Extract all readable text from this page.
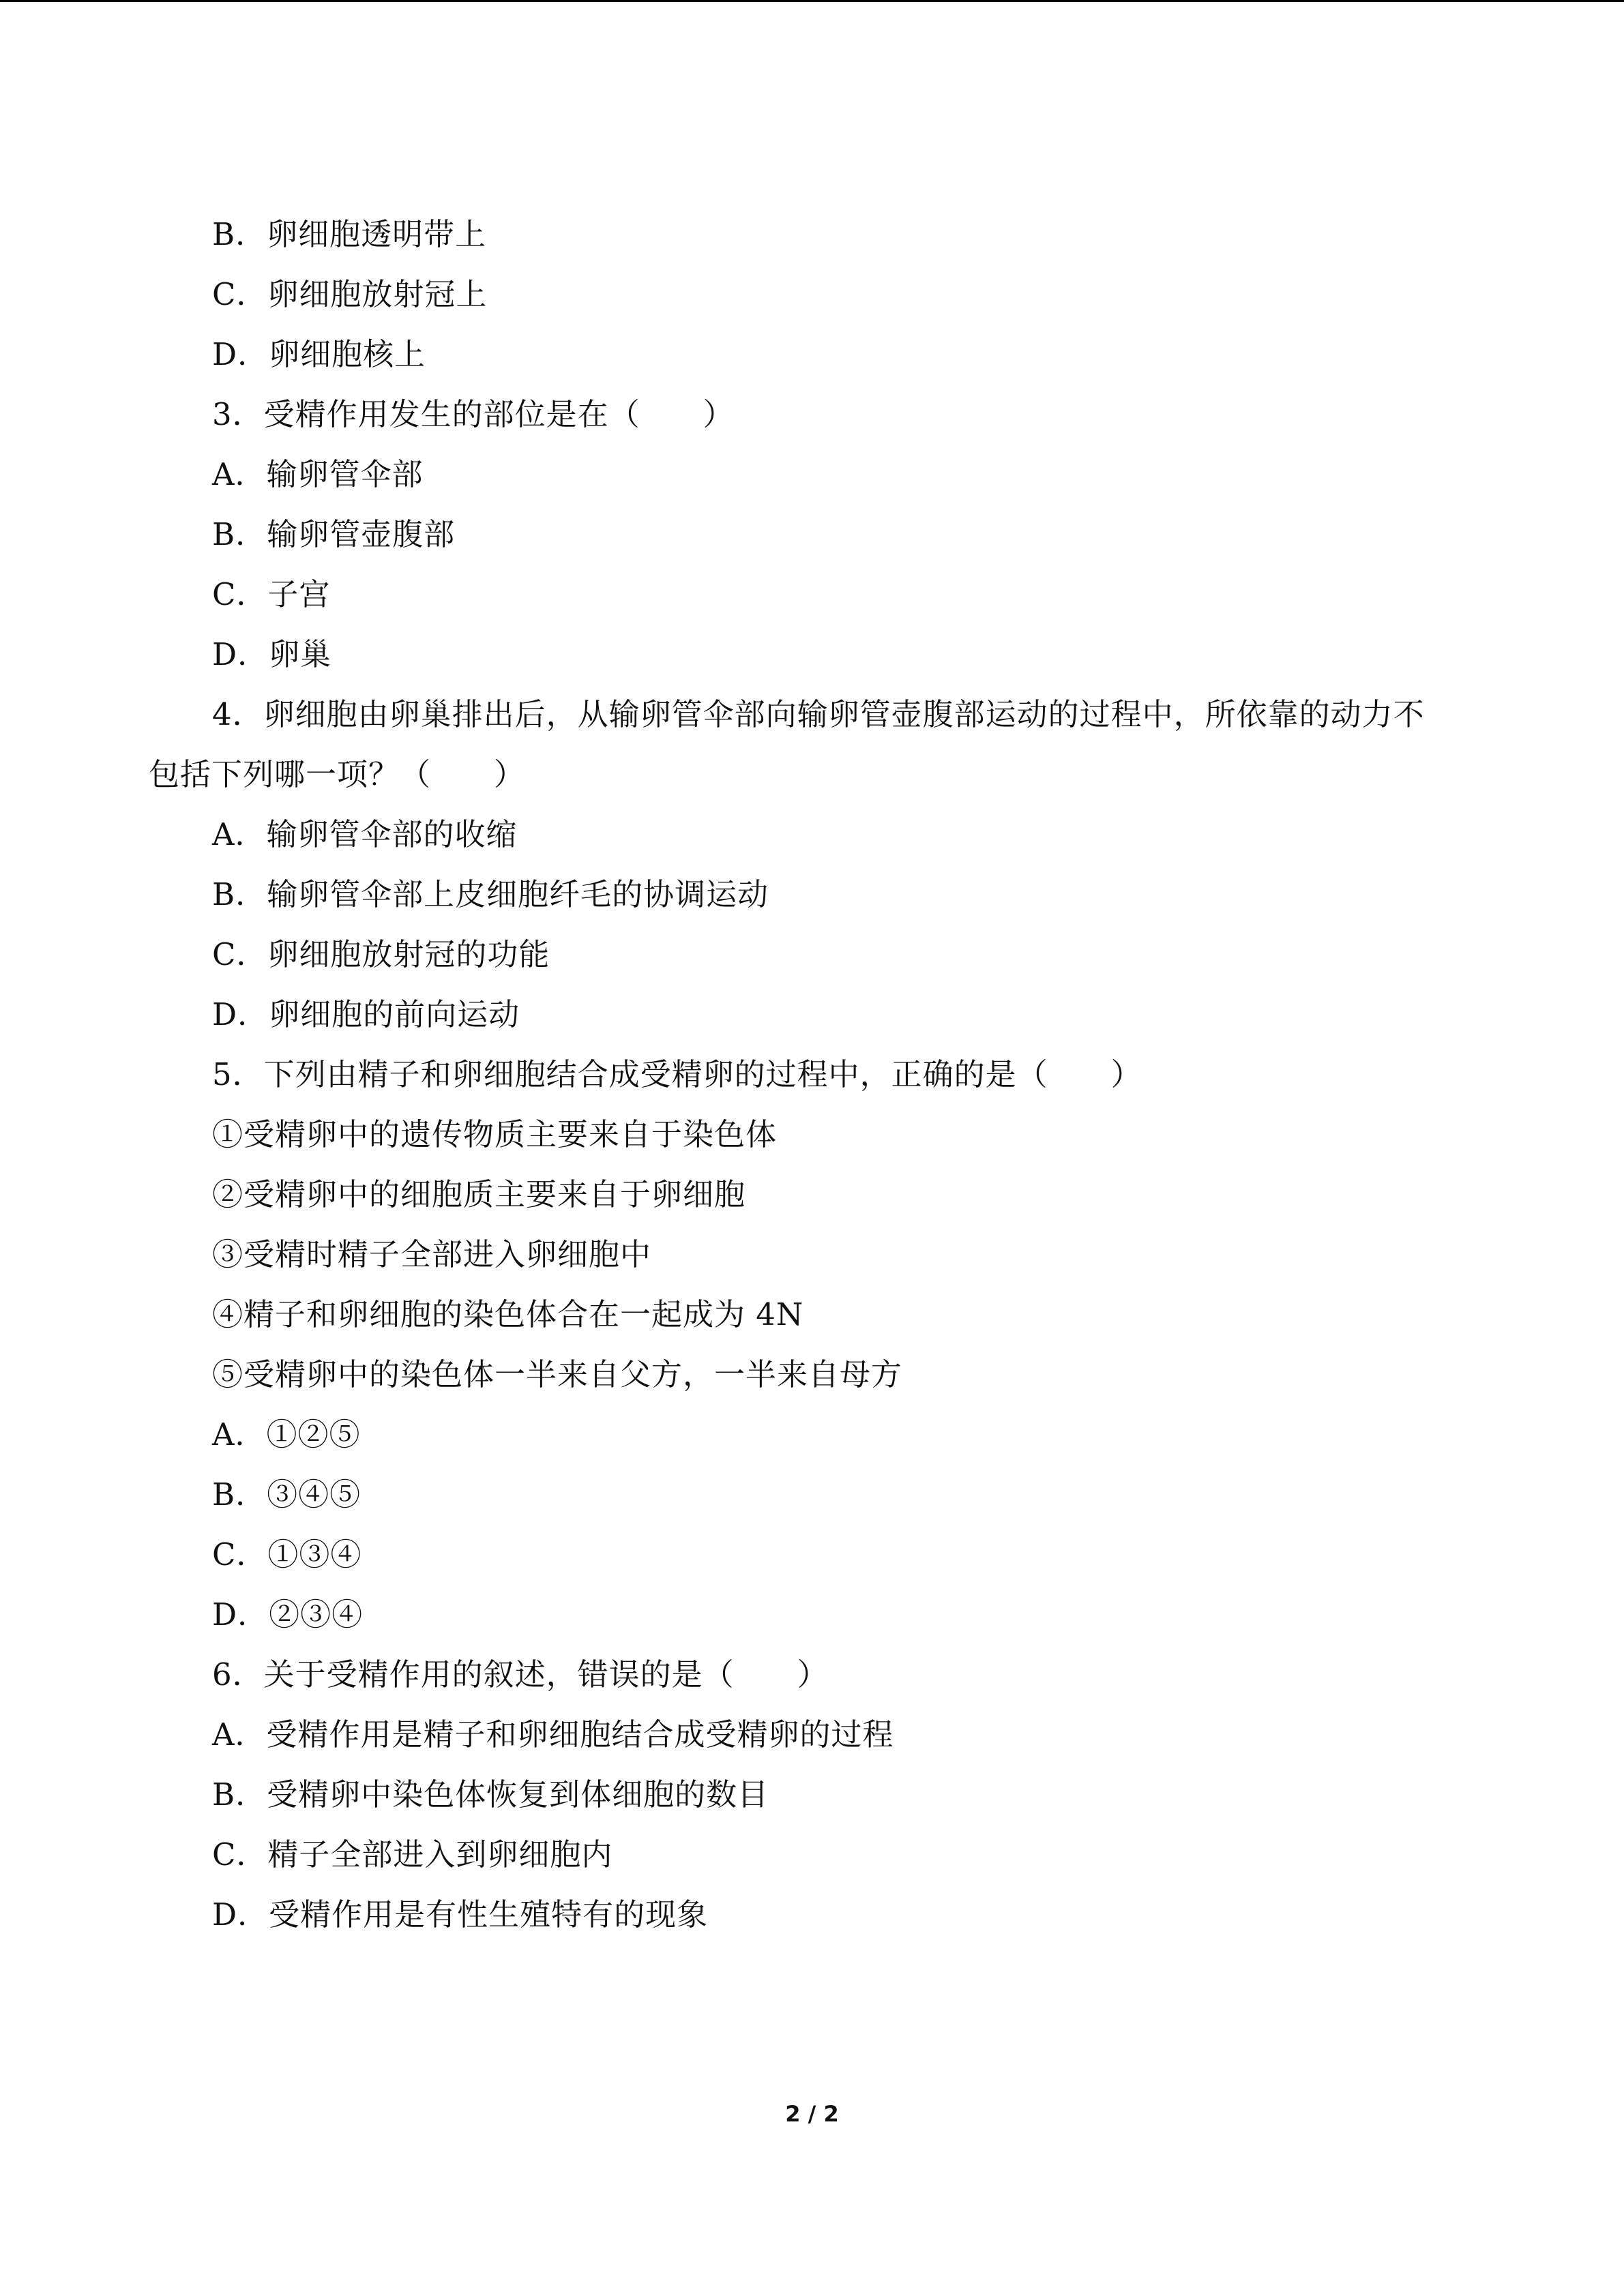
B．卵细胞透明带上
C．卵细胞放射冠上
D．卵细胞核上
3．受精作用发生的部位是在（　　）
A．输卵管伞部
B．输卵管壶腹部
C．子宫
D．卵巢
4．卵细胞由卵巢排出后，从输卵管伞部向输卵管壶腹部运动的过程中，所依靠的动力不
包括下列哪一项？（　　）
A．输卵管伞部的收缩
B．输卵管伞部上皮细胞纤毛的协调运动
C．卵细胞放射冠的功能
D．卵细胞的前向运动
5．下列由精子和卵细胞结合成受精卵的过程中，正确的是（　　）
①受精卵中的遗传物质主要来自于染色体
②受精卵中的细胞质主要来自于卵细胞
③受精时精子全部进入卵细胞中
④精子和卵细胞的染色体合在一起成为 4N
⑤受精卵中的染色体一半来自父方，一半来自母方
A．①②⑤
B．③④⑤
C．①③④
D．②③④
6．关于受精作用的叙述，错误的是（　　）
A．受精作用是精子和卵细胞结合成受精卵的过程
B．受精卵中染色体恢复到体细胞的数目
C．精子全部进入到卵细胞内
D．受精作用是有性生殖特有的现象
2 / 2
